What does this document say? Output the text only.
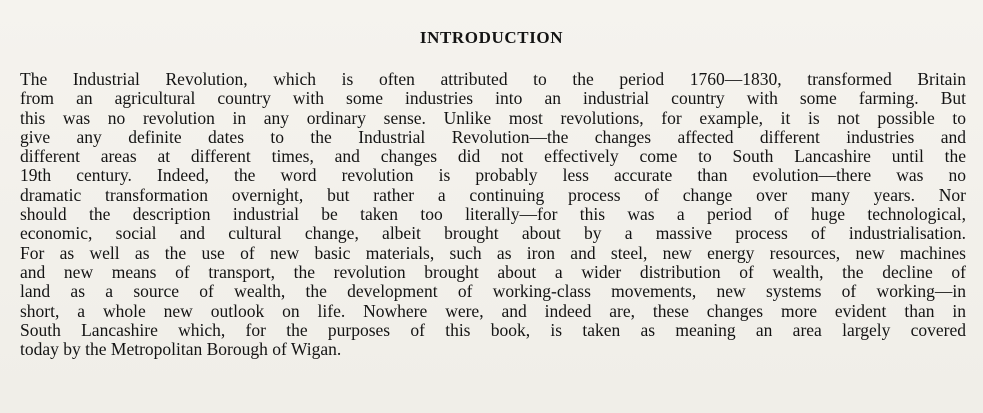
INTRODUCTION
The Industrial Revolution, which is often attributed to the period 1760—1830, transformed Britain
from an agricultural country with some industries into an industrial country with some farming. But
this was no revolution in any ordinary sense. Unlike most revolutions, for example, it is not possible to
give any definite dates to the Industrial Revolution—the changes affected different industries and
different areas at different times, and changes did not effectively come to South Lancashire until the
19th century. Indeed, the word revolution is probably less accurate than evolution—there was no
dramatic transformation overnight, but rather a continuing process of change over many years. Nor
should the description industrial be taken too literally—for this was a period of huge technological,
economic, social and cultural change, albeit brought about by a massive process of industrialisation.
For as well as the use of new basic materials, such as iron and steel, new energy resources, new machines
and new means of transport, the revolution brought about a wider distribution of wealth, the decline of
land as a source of wealth, the development of working-class movements, new systems of working—in
short, a whole new outlook on life. Nowhere were, and indeed are, these changes more evident than in
South Lancashire which, for the purposes of this book, is taken as meaning an area largely covered
today by the Metropolitan Borough of Wigan.
